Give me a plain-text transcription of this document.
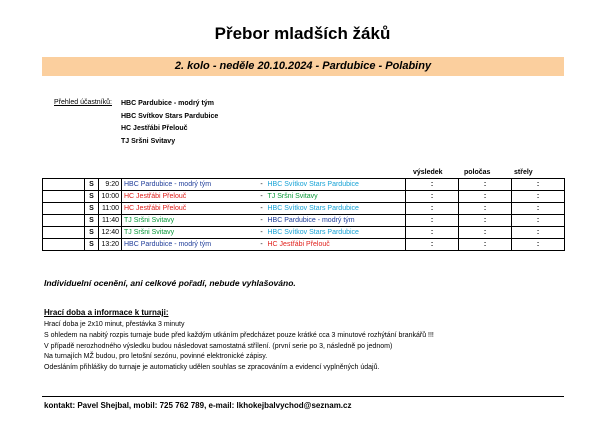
Přebor mladších žáků
2. kolo - neděle 20.10.2024 - Pardubice - Polabiny
Přehled účastníků: HBC Pardubice - modrý tým
HBC Svítkov Stars Pardubice
HC Jestřábi Přelouč
TJ Sršni Svitavy
výsledek	poločas	střely
	S	9:20	HBC Pardubice - modrý tým	-	HBC Svítkov Stars Pardubice	:	:	:
	S	10:00	HC Jestřábi Přelouč	-	TJ Sršni Svitavy	:	:	:
	S	11:00	HC Jestřábi Přelouč	-	HBC Svítkov Stars Pardubice	:	:	:
	S	11:40	TJ Sršni Svitavy	-	HBC Pardubice - modrý tým	:	:	:
	S	12:40	TJ Sršni Svitavy	-	HBC Svítkov Stars Pardubice	:	:	:
	S	13:20	HBC Pardubice - modrý tým	-	HC Jestřábi Přelouč	:	:	:
Individuelní ocenění, ani celkové pořadí, nebude vyhlašováno.
Hrací doba a informace k turnaji:
Hrací doba je 2x10 minut, přestávka 3 minuty
S ohledem na nabitý rozpis turnaje bude před každým utkáním předcházet pouze krátké cca 3 minutové rozhýtání brankářů !!!
V případě nerozhodného výsledku budou následovat samostatná střílení. (první serie po 3, následně po jednom)
Na turnajích MŽ budou, pro letošní sezónu, povinné elektronické zápisy.
Odesláním přihlášky do turnaje je automaticky udělen souhlas se zpracováním a evidencí vyplněných údajů.
kontakt: Pavel Shejbal, mobil: 725 762 789, e-mail: lkhokejbalvychod@seznam.cz
